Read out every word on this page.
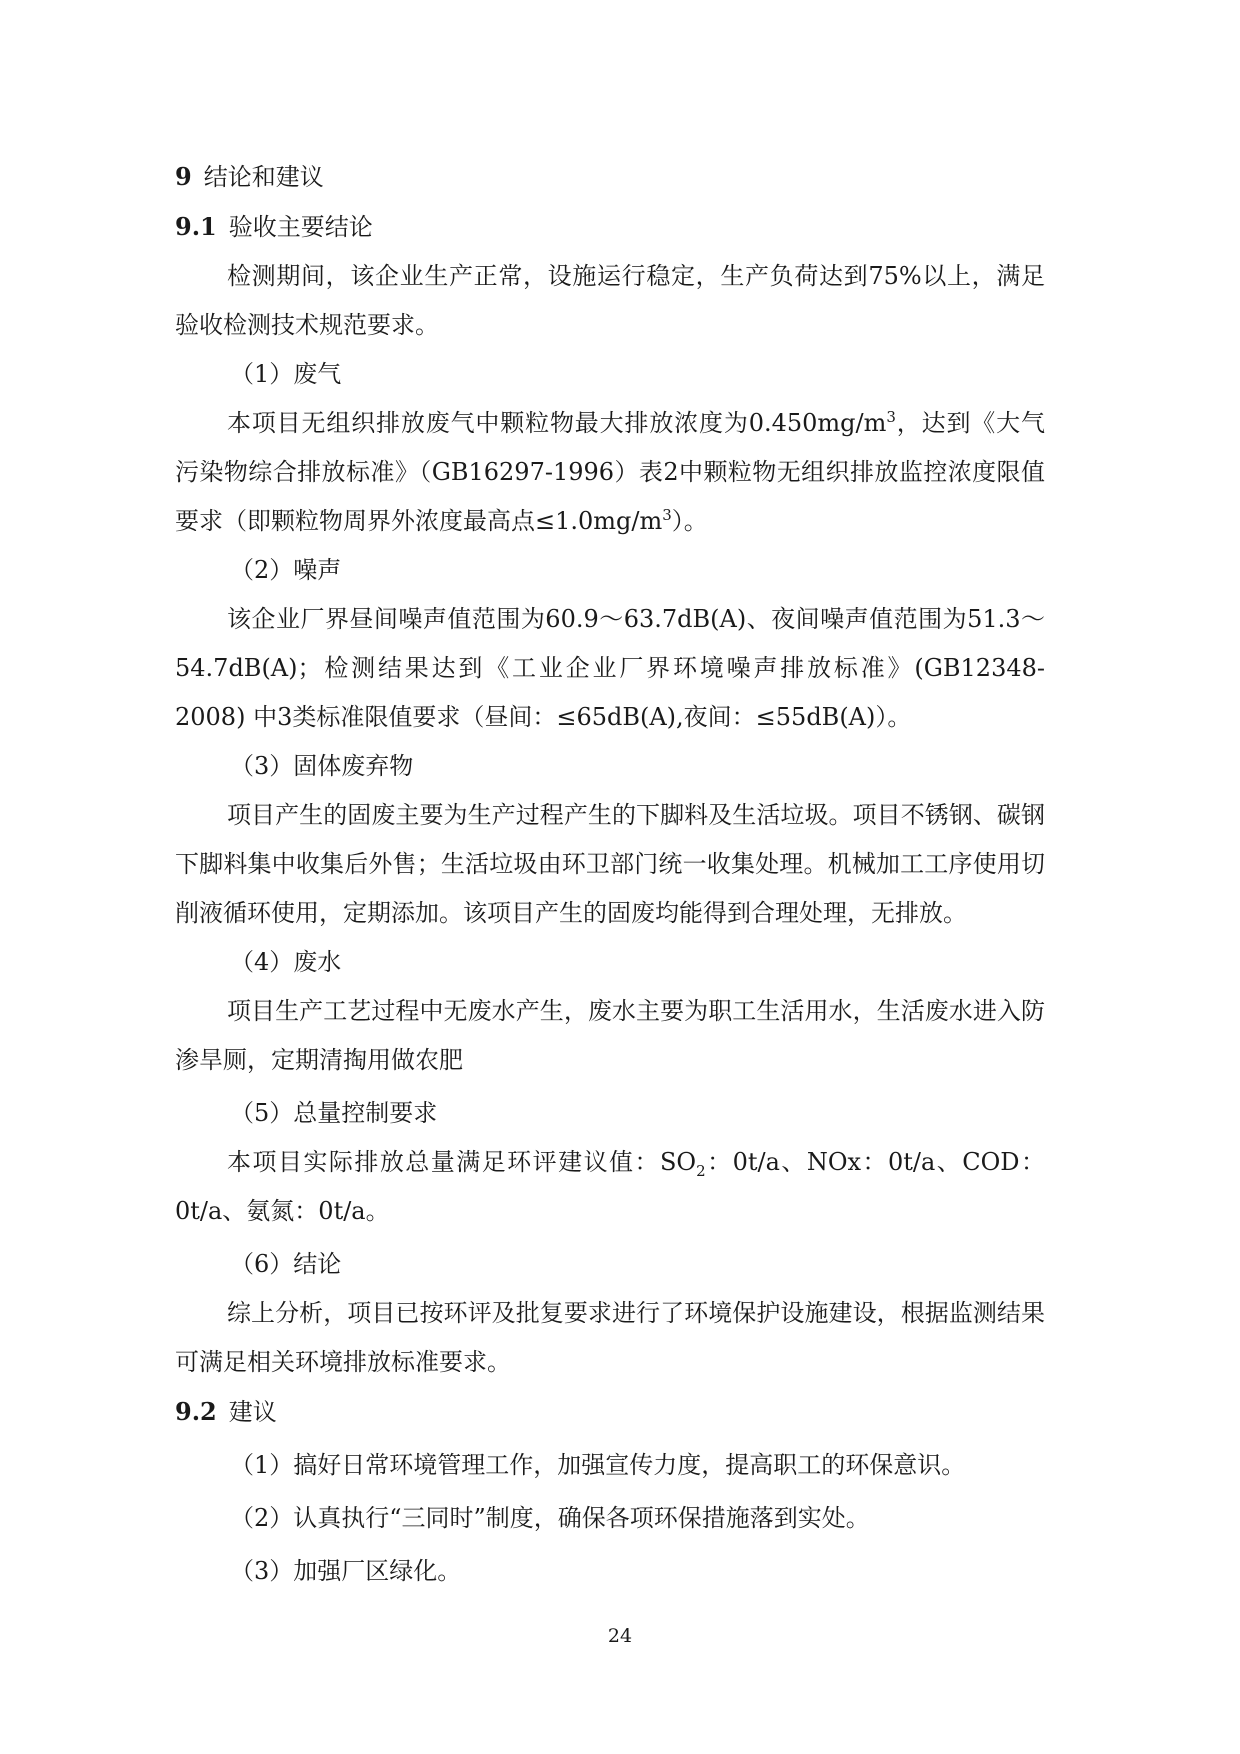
9 结论和建议
9.1 验收主要结论
检测期间，该企业生产正常，设施运行稳定，生产负荷达到75%以上，满足验收检测技术规范要求。
（1）废气
本项目无组织排放废气中颗粒物最大排放浓度为$0.450mg/m^3$，达到《大气污染物综合排放标准》（GB16297-1996）表2中颗粒物无组织排放监控浓度限值要求（即颗粒物周界外浓度最高点$\le 1.0mg/m^3$）。
（2）噪声
该企业厂界昼间噪声值范围为60.9～63.7dB(A)、夜间噪声值范围为51.3～54.7dB(A)；检测结果达到《工业企业厂界环境噪声排放标准》(GB12348-2008) 中3类标准限值要求（昼间：≤65dB(A),夜间：≤55dB(A)）。
（3）固体废弃物
项目产生的固废主要为生产过程产生的下脚料及生活垃圾。项目不锈钢、碳钢下脚料集中收集后外售；生活垃圾由环卫部门统一收集处理。机械加工工序使用切削液循环使用，定期添加。该项目产生的固废均能得到合理处理，无排放。
（4）废水
项目生产工艺过程中无废水产生，废水主要为职工生活用水，生活废水进入防渗旱厕，定期清掏用做农肥
（5）总量控制要求
本项目实际排放总量满足环评建议值：$SO_2$：0t/a、NOx：0t/a、COD：0t/a、氨氮：0t/a。
（6）结论
综上分析，项目已按环评及批复要求进行了环境保护设施建设，根据监测结果可满足相关环境排放标准要求。
9.2 建议
（1）搞好日常环境管理工作，加强宣传力度，提高职工的环保意识。
（2）认真执行“三同时”制度，确保各项环保措施落到实处。
（3）加强厂区绿化。
24
